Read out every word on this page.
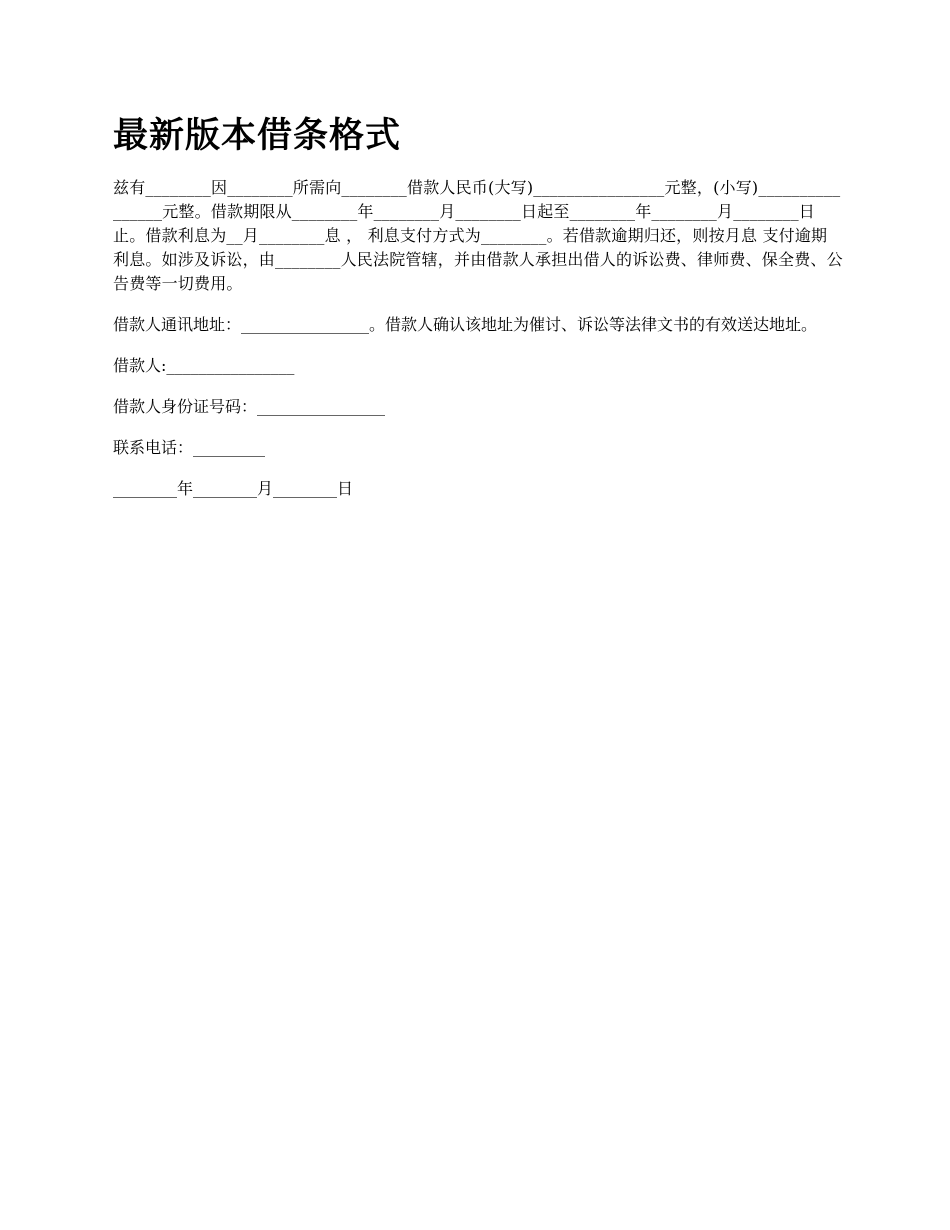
最新版本借条格式

兹有________因________所需向________借款人民币(大写)________________元整，(小写)________________元整。借款期限从________年________月________日起至________年________月________日止。借款利息为__月________息 ， 利息支付方式为________。若借款逾期归还，则按月息 支付逾期利息。如涉及诉讼，由________人民法院管辖，并由借款人承担出借人的诉讼费、律师费、保全费、公告费等一切费用。

借款人通讯地址：________________。借款人确认该地址为催讨、诉讼等法律文书的有效送达地址。

借款人:________________

借款人身份证号码：________________

联系电话：_________

________年________月________日
